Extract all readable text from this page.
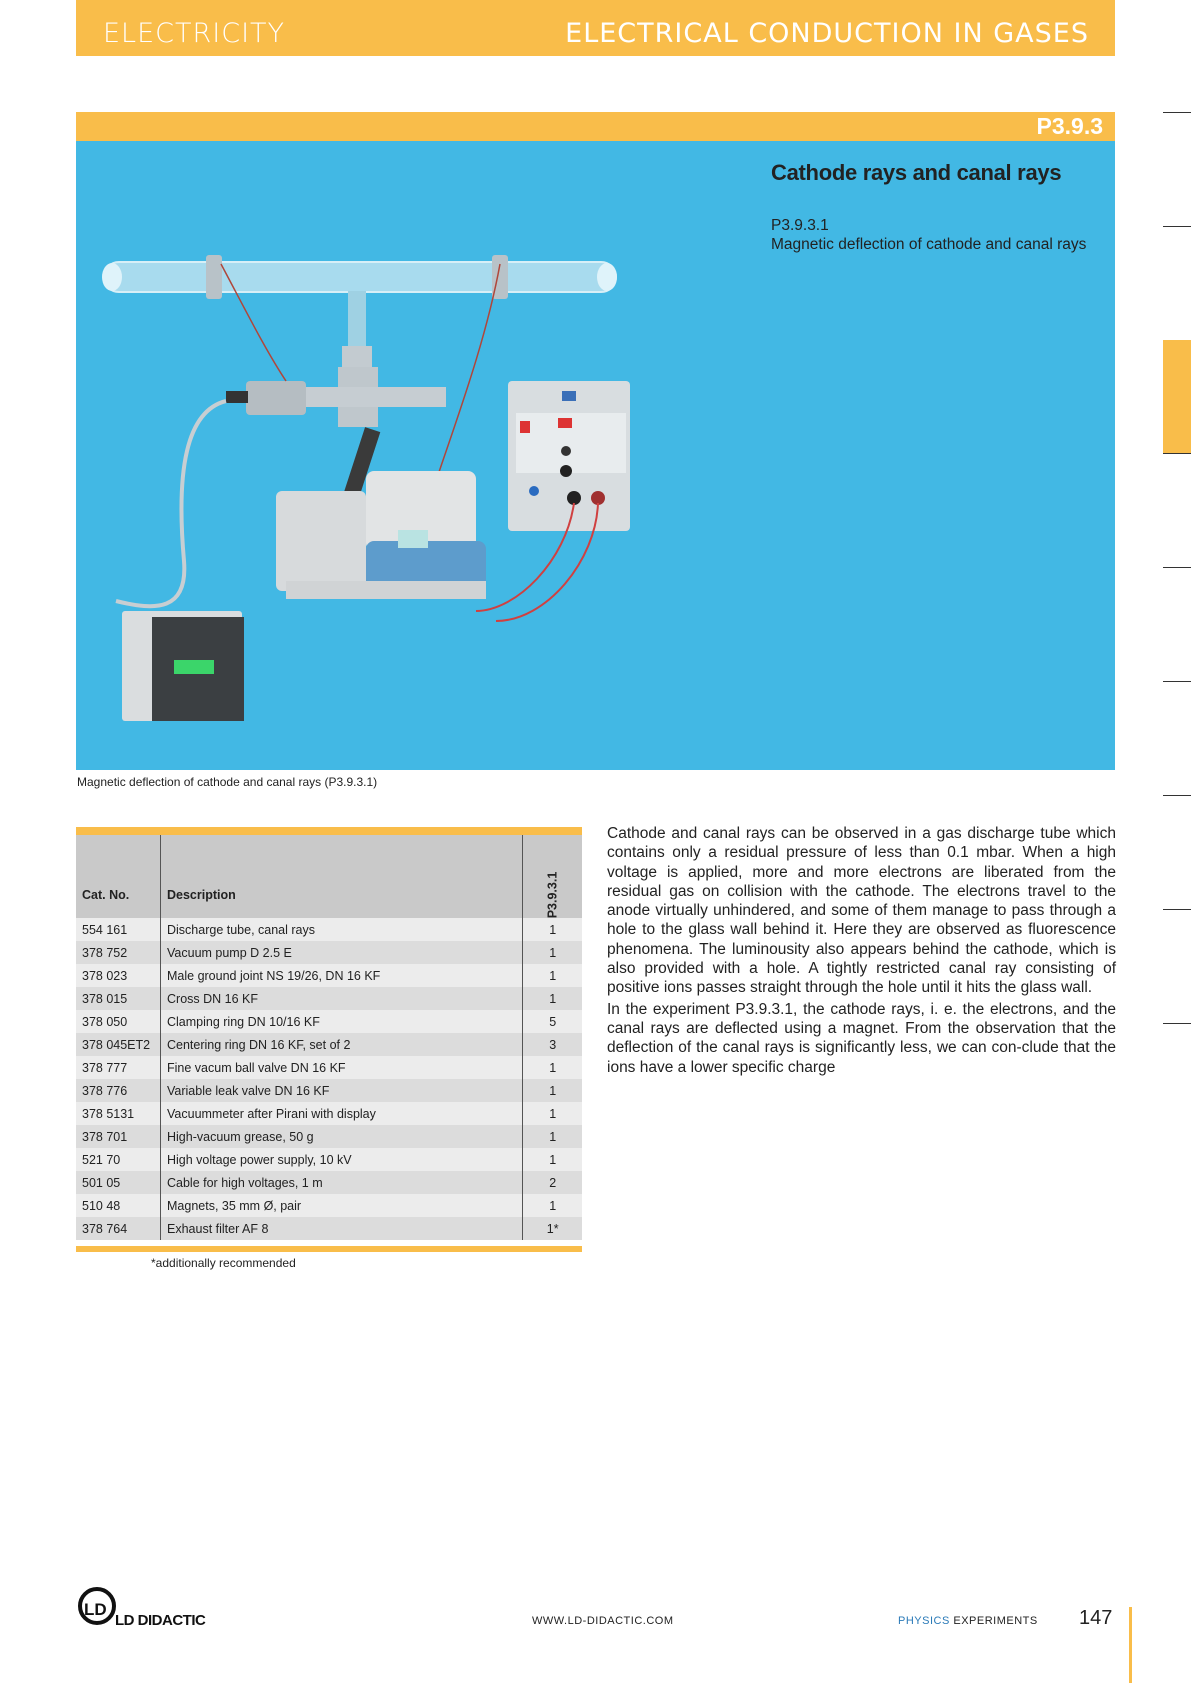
ELECTRICITY	ELECTRICAL CONDUCTION IN GASES
P3.9.3
Cathode rays and canal rays
P3.9.3.1
Magnetic deflection of cathode and canal rays
Magnetic deflection of cathode and canal rays (P3.9.3.1)
Cat. No.	Description	P3.9.3.1
554 161	Discharge tube, canal rays	1
378 752	Vacuum pump D 2.5 E	1
378 023	Male ground joint NS 19/26, DN 16 KF	1
378 015	Cross DN 16 KF	1
378 050	Clamping ring DN 10/16 KF	5
378 045ET2	Centering ring DN 16 KF, set of 2	3
378 777	Fine vacum ball valve DN 16 KF	1
378 776	Variable leak valve DN 16 KF	1
378 5131	Vacuummeter after Pirani with display	1
378 701	High-vacuum grease, 50 g	1
521 70	High voltage power supply, 10 kV	1
501 05	Cable for high voltages, 1 m	2
510 48	Magnets, 35 mm Ø, pair	1
378 764	Exhaust filter AF 8	1*
*additionally recommended

Cathode and canal rays can be observed in a gas discharge tube which contains only a residual pressure of less than 0.1 mbar. When a high voltage is applied, more and more electrons are liberated from the residual gas on collision with the cathode. The electrons travel to the anode virtually unhindered, and some of them manage to pass through a hole to the glass wall behind it. Here they are observed as fluorescence phenomena. The luminousity also appears behind the cathode, which is also provided with a hole. A tightly restricted canal ray consisting of positive ions passes straight through the hole until it hits the glass wall.

In the experiment P3.9.3.1, the cathode rays, i. e. the electrons, and the canal rays are deflected using a magnet. From the observation that the deflection of the canal rays is significantly less, we can con-clude that the ions have a lower specific charge

LD
LD DIDACTIC	WWW.LD-DIDACTIC.COM	PHYSICS EXPERIMENTS 147
